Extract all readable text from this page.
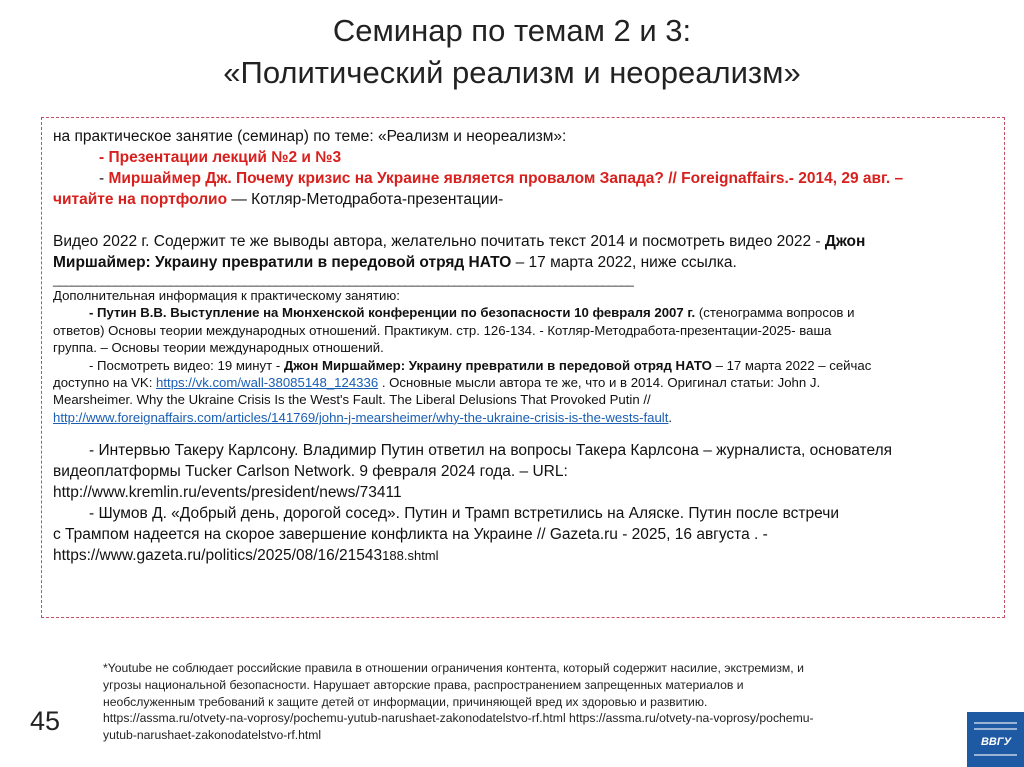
Семинар по темам 2 и 3:
«Политический реализм и неореализм»
на практическое занятие (семинар) по теме: «Реализм и неореализм»:
- Презентации лекций №2 и №3
- Миршаймер Дж. Почему кризис на Украине является провалом Запада? // Foreignaffairs.- 2014, 29 авг. –
читайте на портфолио — Котляр-Методработа-презентации-
Видео 2022 г. Содержит те же выводы автора, желательно почитать текст 2014 и посмотреть видео 2022 - Джон
Миршаймер: Украину превратили в передовой отряд НАТО – 17 марта 2022, ниже ссылка.
______________________________________________________________________________________________
Дополнительная информация к практическому занятию:
- Путин В.В. Выступление на Мюнхенской конференции по безопасности 10 февраля 2007 г. (стенограмма вопросов и
ответов) Основы теории международных отношений. Практикум. стр. 126-134. - Котляр-Методработа-презентации-2025- ваша
группа. – Основы теории международных отношений.
- Посмотреть видео: 19 минут - Джон Миршаймер: Украину превратили в передовой отряд НАТО – 17 марта 2022 – сейчас
доступно на VK: https://vk.com/wall-38085148_124336 . Основные мысли автора те же, что и в 2014. Оригинал статьи: John J.
Mearsheimer. Why the Ukraine Crisis Is the West's Fault. The Liberal Delusions That Provoked Putin //
http://www.foreignaffairs.com/articles/141769/john-j-mearsheimer/why-the-ukraine-crisis-is-the-wests-fault.
- Интервью Такеру Карлсону. Владимир Путин ответил на вопросы Такера Карлсона – журналиста, основателя
видеоплатформы Tucker Carlson Network. 9 февраля 2024 года. – URL:
http://www.kremlin.ru/events/president/news/73411
- Шумов Д. «Добрый день, дорогой сосед». Путин и Трамп встретились на Аляске. Путин после встречи
с Трампом надеется на скорое завершение конфликта на Украине // Gazeta.ru - 2025, 16 августа . -
https://www.gazeta.ru/politics/2025/08/16/21543188.shtml
*Youtube не соблюдает российские правила в отношении ограничения контента, который содержит насилие, экстремизм, и
угрозы национальной безопасности. Нарушает авторские права, распространением запрещенных материалов и
необслуженным требований к защите детей от информации, причиняющей вред их здоровью и развитию.
https://assma.ru/otvety-na-voprosy/pochemu-yutub-narushaet-zakonodatelstvo-rf.html https://assma.ru/otvety-na-voprosy/pochemu-
yutub-narushaet-zakonodatelstvo-rf.html
45
ВВГУ
